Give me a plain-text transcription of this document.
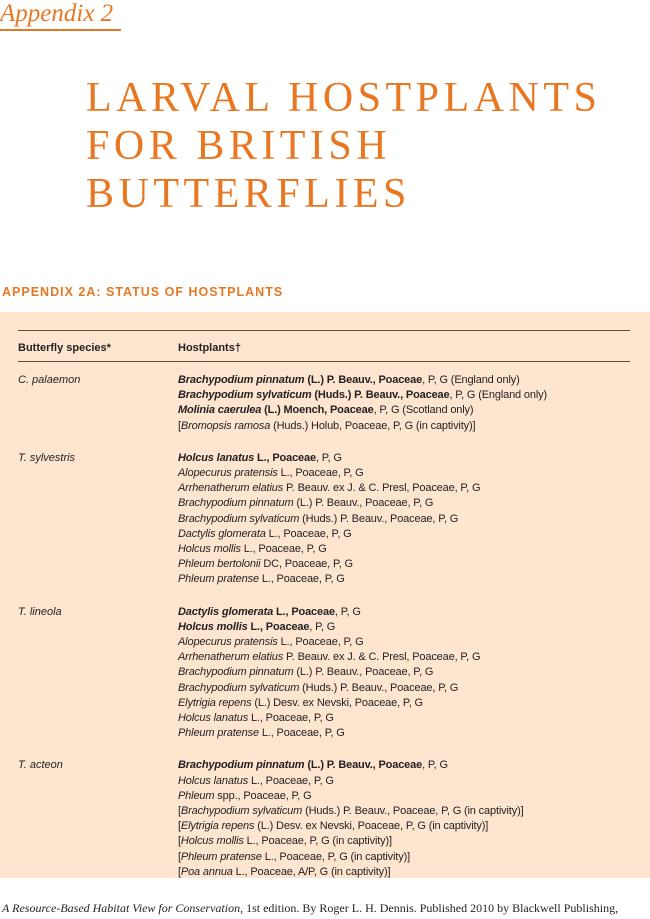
Appendix 2
LARVAL HOSTPLANTS
FOR BRITISH
BUTTERFLIES
APPENDIX 2A: STATUS OF HOSTPLANTS
Butterfly species*	Hostplants†
C. palaemon	Brachypodium pinnatum (L.) P. Beauv., Poaceae, P, G (England only)
Brachypodium sylvaticum (Huds.) P. Beauv., Poaceae, P, G (England only)
Molinia caerulea (L.) Moench, Poaceae, P, G (Scotland only)
[Bromopsis ramosa (Huds.) Holub, Poaceae, P, G (in captivity)]
T. sylvestris	Holcus lanatus L., Poaceae, P, G
Alopecurus pratensis L., Poaceae, P, G
Arrhenatherum elatius P. Beauv. ex J. & C. Presl, Poaceae, P, G
Brachypodium pinnatum (L.) P. Beauv., Poaceae, P, G
Brachypodium sylvaticum (Huds.) P. Beauv., Poaceae, P, G
Dactylis glomerata L., Poaceae, P, G
Holcus mollis L., Poaceae, P, G
Phleum bertolonii DC, Poaceae, P, G
Phleum pratense L., Poaceae, P, G
T. lineola	Dactylis glomerata L., Poaceae, P, G
Holcus mollis L., Poaceae, P, G
Alopecurus pratensis L., Poaceae, P, G
Arrhenatherum elatius P. Beauv. ex J. & C. Presl, Poaceae, P, G
Brachypodium pinnatum (L.) P. Beauv., Poaceae, P, G
Brachypodium sylvaticum (Huds.) P. Beauv., Poaceae, P, G
Elytrigia repens (L.) Desv. ex Nevski, Poaceae, P, G
Holcus lanatus L., Poaceae, P, G
Phleum pratense L., Poaceae, P, G
T. acteon	Brachypodium pinnatum (L.) P. Beauv., Poaceae, P, G
Holcus lanatus L., Poaceae, P, G
Phleum spp., Poaceae, P, G
[Brachypodium sylvaticum (Huds.) P. Beauv., Poaceae, P, G (in captivity)]
[Elytrigia repens (L.) Desv. ex Nevski, Poaceae, P, G (in captivity)]
[Holcus mollis L., Poaceae, P, G (in captivity)]
[Phleum pratense L., Poaceae, P, G (in captivity)]
[Poa annua L., Poaceae, A/P, G (in captivity)]
A Resource-Based Habitat View for Conservation, 1st edition. By Roger L. H. Dennis. Published 2010 by Blackwell Publishing,
